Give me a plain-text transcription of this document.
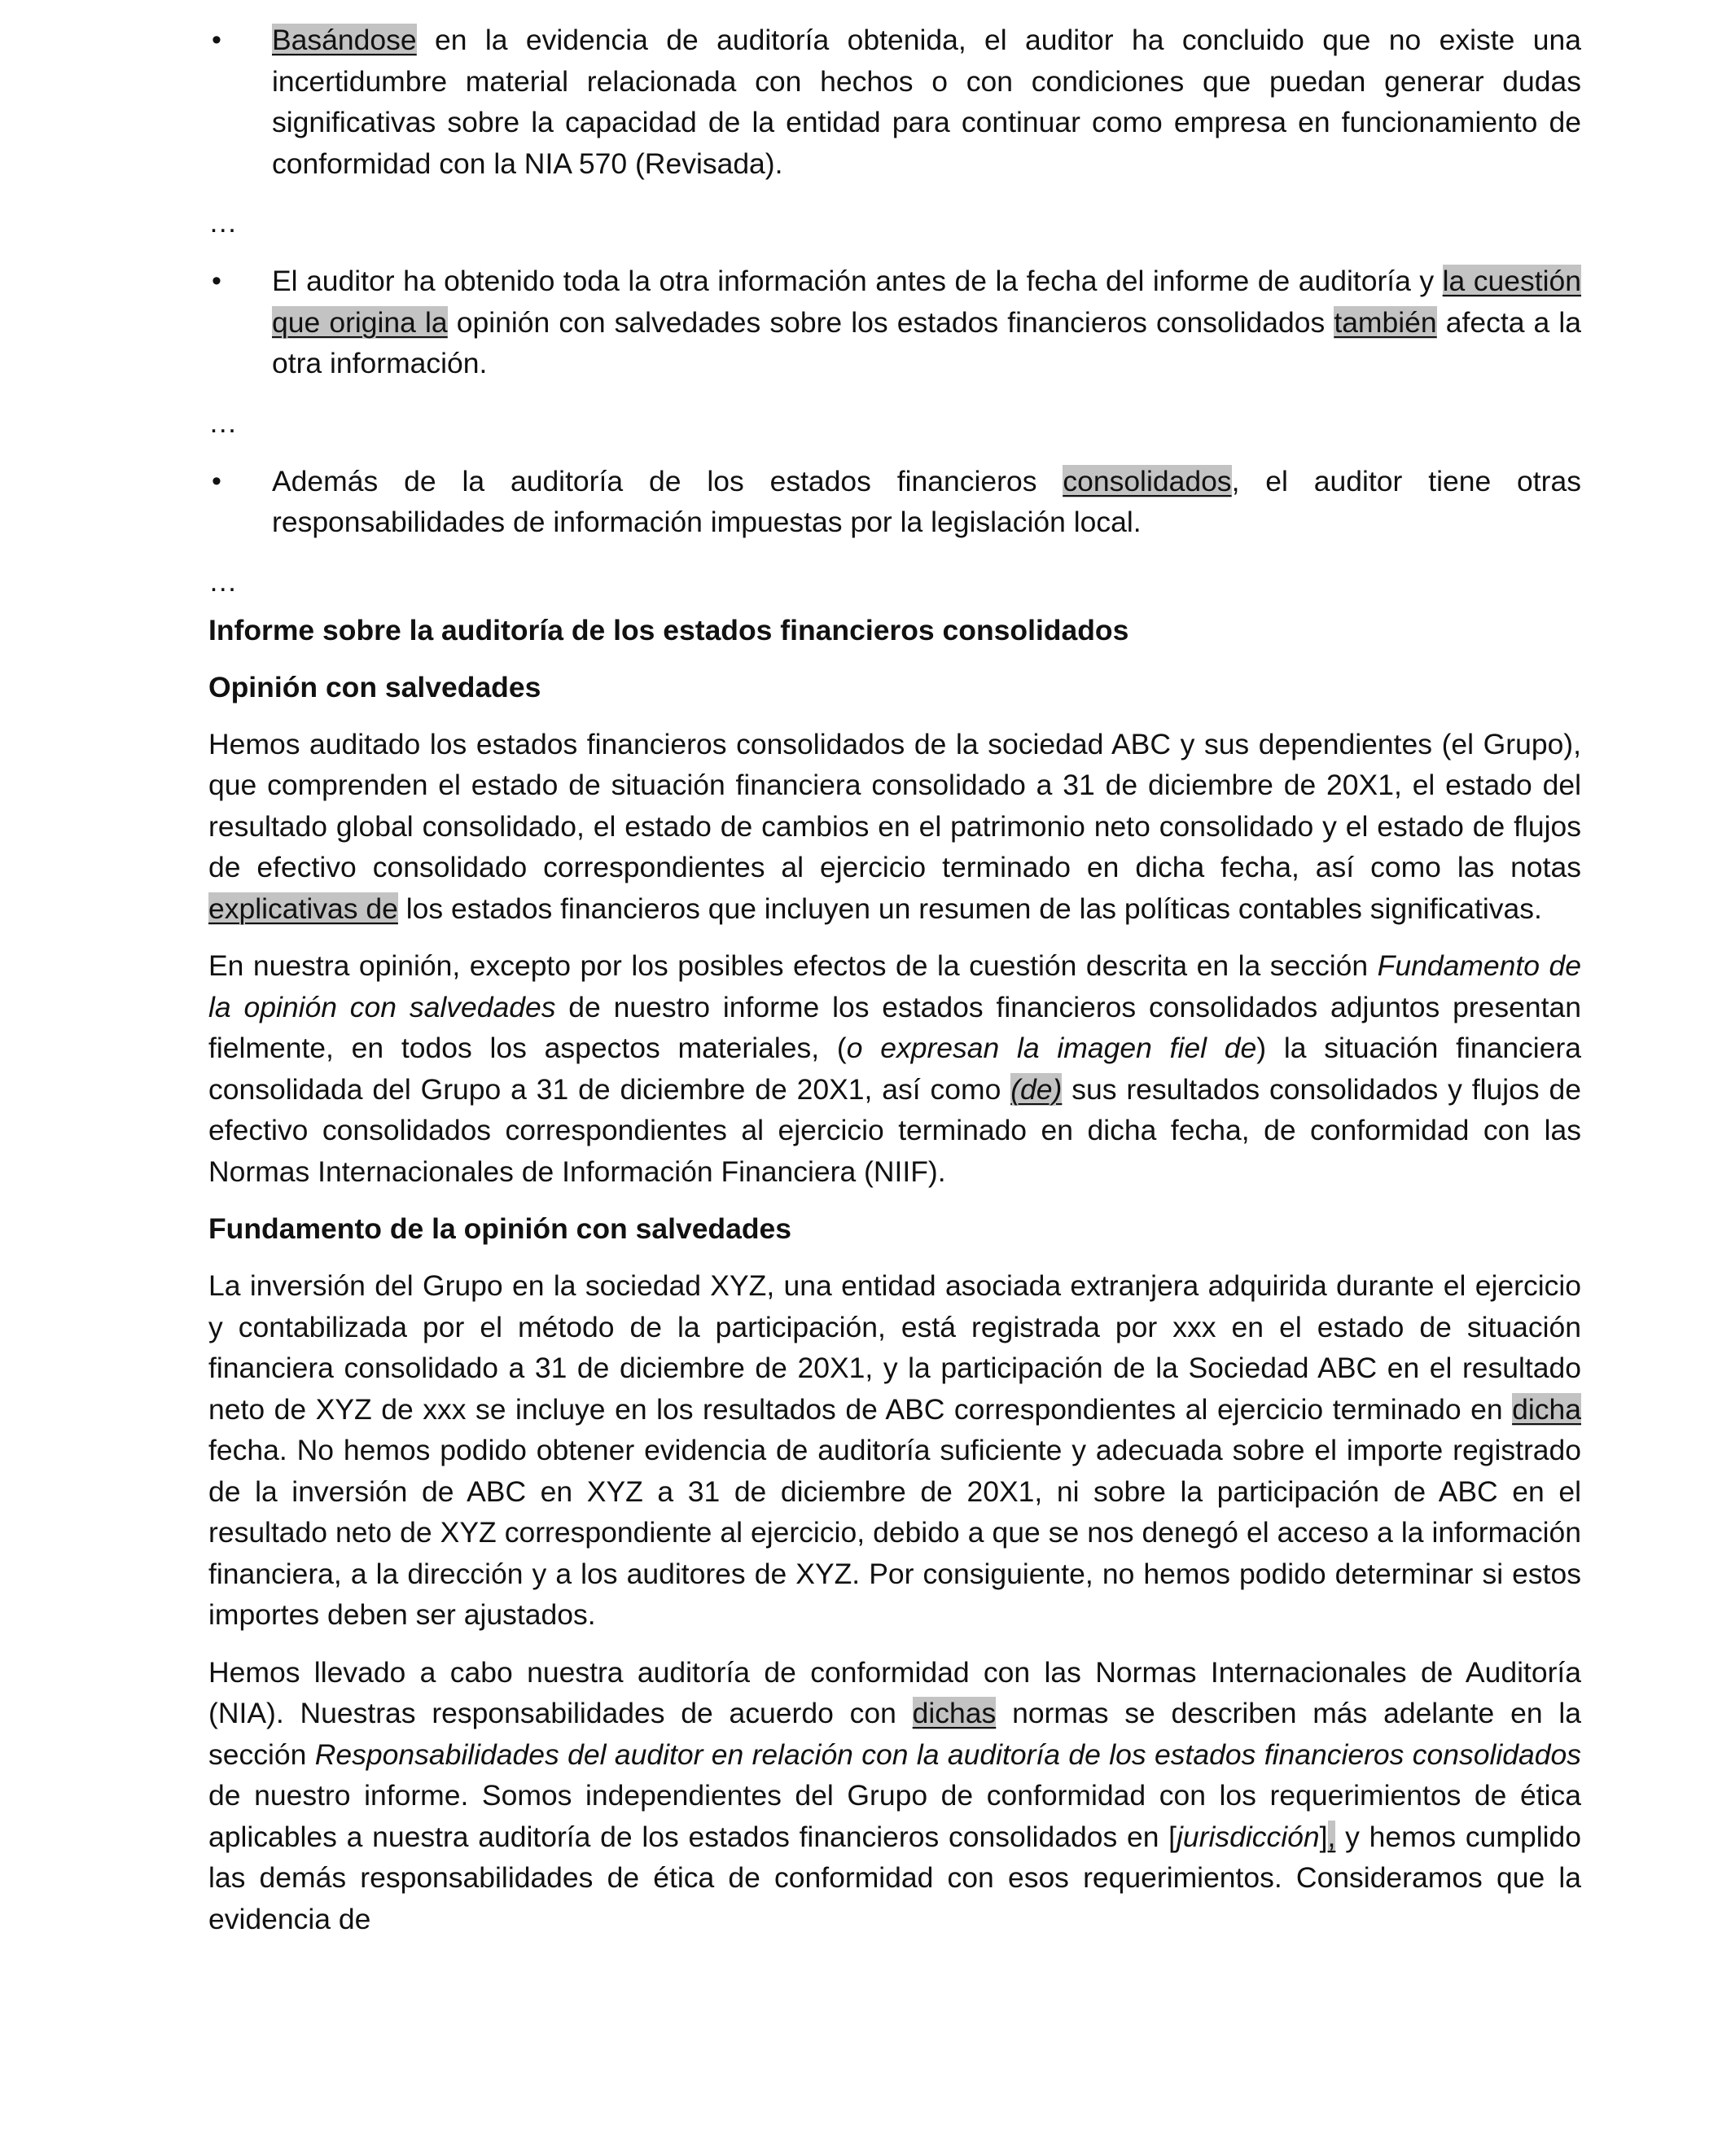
• Basándose en la evidencia de auditoría obtenida, el auditor ha concluido que no existe una incertidumbre material relacionada con hechos o con condiciones que puedan generar dudas significativas sobre la capacidad de la entidad para continuar como empresa en funcionamiento de conformidad con la NIA 570 (Revisada).
…
• El auditor ha obtenido toda la otra información antes de la fecha del informe de auditoría y la cuestión que origina la opinión con salvedades sobre los estados financieros consolidados también afecta a la otra información.
…
• Además de la auditoría de los estados financieros consolidados, el auditor tiene otras responsabilidades de información impuestas por la legislación local.
…
Informe sobre la auditoría de los estados financieros consolidados
Opinión con salvedades

Hemos auditado los estados financieros consolidados de la sociedad ABC y sus dependientes (el Grupo), que comprenden el estado de situación financiera consolidado a 31 de diciembre de 20X1, el estado del resultado global consolidado, el estado de cambios en el patrimonio neto consolidado y el estado de flujos de efectivo consolidado correspondientes al ejercicio terminado en dicha fecha, así como las notas explicativas de los estados financieros que incluyen un resumen de las políticas contables significativas.

En nuestra opinión, excepto por los posibles efectos de la cuestión descrita en la sección Fundamento de la opinión con salvedades de nuestro informe los estados financieros consolidados adjuntos presentan fielmente, en todos los aspectos materiales, (o expresan la imagen fiel de) la situación financiera consolidada del Grupo a 31 de diciembre de 20X1, así como (de) sus resultados consolidados y flujos de efectivo consolidados correspondientes al ejercicio terminado en dicha fecha, de conformidad con las Normas Internacionales de Información Financiera (NIIF).

Fundamento de la opinión con salvedades

La inversión del Grupo en la sociedad XYZ, una entidad asociada extranjera adquirida durante el ejercicio y contabilizada por el método de la participación, está registrada por xxx en el estado de situación financiera consolidado a 31 de diciembre de 20X1, y la participación de la Sociedad ABC en el resultado neto de XYZ de xxx se incluye en los resultados de ABC correspondientes al ejercicio terminado en dicha fecha. No hemos podido obtener evidencia de auditoría suficiente y adecuada sobre el importe registrado de la inversión de ABC en XYZ a 31 de diciembre de 20X1, ni sobre la participación de ABC en el resultado neto de XYZ correspondiente al ejercicio, debido a que se nos denegó el acceso a la información financiera, a la dirección y a los auditores de XYZ. Por consiguiente, no hemos podido determinar si estos importes deben ser ajustados.

Hemos llevado a cabo nuestra auditoría de conformidad con las Normas Internacionales de Auditoría (NIA). Nuestras responsabilidades de acuerdo con dichas normas se describen más adelante en la sección Responsabilidades del auditor en relación con la auditoría de los estados financieros consolidados de nuestro informe. Somos independientes del Grupo de conformidad con los requerimientos de ética aplicables a nuestra auditoría de los estados financieros consolidados en [jurisdicción], y hemos cumplido las demás responsabilidades de ética de conformidad con esos requerimientos. Consideramos que la evidencia de
